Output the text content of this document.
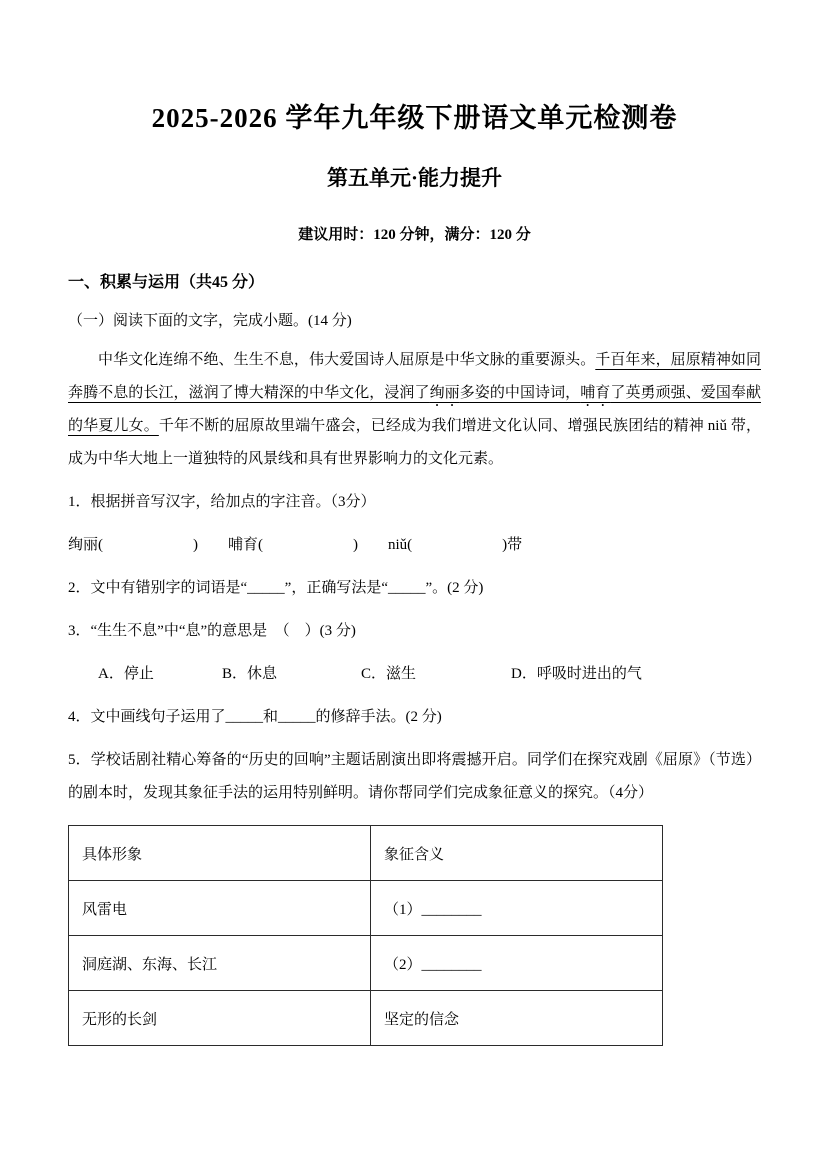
2025-2026 学年九年级下册语文单元检测卷
第五单元·能力提升

建议用时：120 分钟，满分：120 分

一、积累与运用（共45 分）

（一）阅读下面的文字，完成小题。(14 分)

中华文化连绵不绝、生生不息，伟大爱国诗人屈原是中华文脉的重要源头。千百年来，屈原精神如同奔腾不息的长江，滋润了博大精深的中华文化，浸润了绚丽多姿的中国诗词，哺育了英勇顽强、爱国奉献的华夏儿女。千年不断的屈原故里端午盛会，已经成为我们增进文化认同、增强民族团结的精神 niǔ 带，成为中华大地上一道独特的风景线和具有世界影响力的文化元素。

1．根据拼音写汉字，给加点的字注音。（3分）

绚丽(　　　　　　)　　哺育(　　　　　　)　　niǔ(　　　　　　)带

2．文中有错别字的词语是“_____”，正确写法是“_____”。(2 分)

3．“生生不息”中“息”的意思是　（　）(3 分)

A．停止	B．休息	C．滋生	D．呼吸时进出的气

4．文中画线句子运用了_____和_____的修辞手法。(2 分)

5．学校话剧社精心筹备的“历史的回响”主题话剧演出即将震撼开启。同学们在探究戏剧《屈原》（节选）的剧本时，发现其象征手法的运用特别鲜明。请你帮同学们完成象征意义的探究。（4分）

具体形象	象征含义
风雷电	（1）________
洞庭湖、东海、长江	（2）________
无形的长剑	坚定的信念
